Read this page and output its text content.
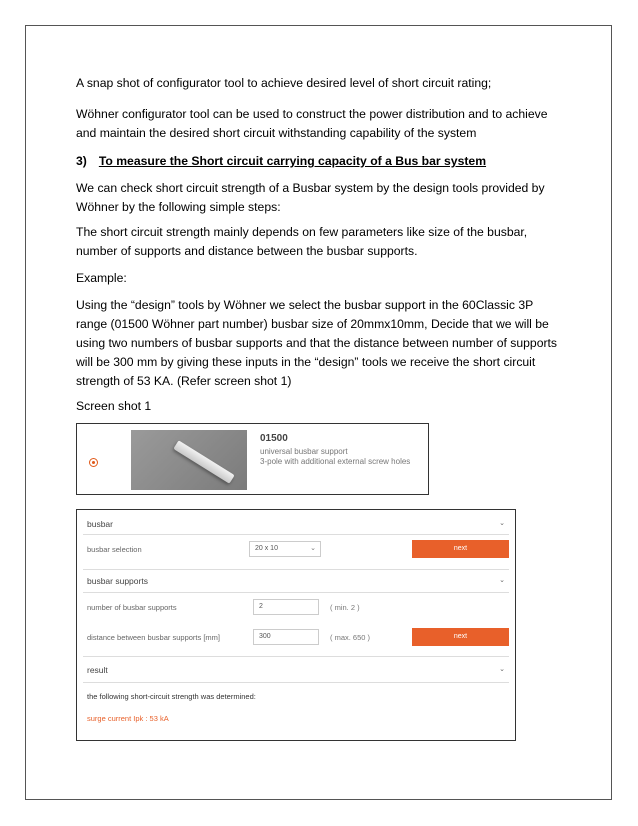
A snap shot of configurator tool to achieve desired level of short circuit rating;

Wöhner configurator tool can be used to construct the power distribution and to achieve and maintain the desired short circuit withstanding capability of the system

3) To measure the Short circuit carrying capacity of a Bus bar system

We can check short circuit strength of a Busbar system by the design tools provided by Wöhner by the following simple steps:

The short circuit strength mainly depends on few parameters like size of the busbar, number of supports and distance between the busbar supports.

Example:

Using the “design” tools by Wöhner we select the busbar support in the 60Classic 3P range (01500 Wöhner part number) busbar size of 20mmx10mm, Decide that we will be using two numbers of busbar supports and that the distance between number of supports will be 300 mm by giving these inputs in the “design” tools we receive the short circuit strength of 53 KA. (Refer screen shot 1)

Screen shot 1

01500
universal busbar support
3-pole with additional external screw holes
busbar	⌄
busbar selection	20 x 10	⌄	next
busbar supports	⌄
number of busbar supports	2	( min. 2 )
distance between busbar supports [mm]	300	( max. 650 )	next
result	⌄
the following short-circuit strength was determined:
surge current Ipk : 53 kA
